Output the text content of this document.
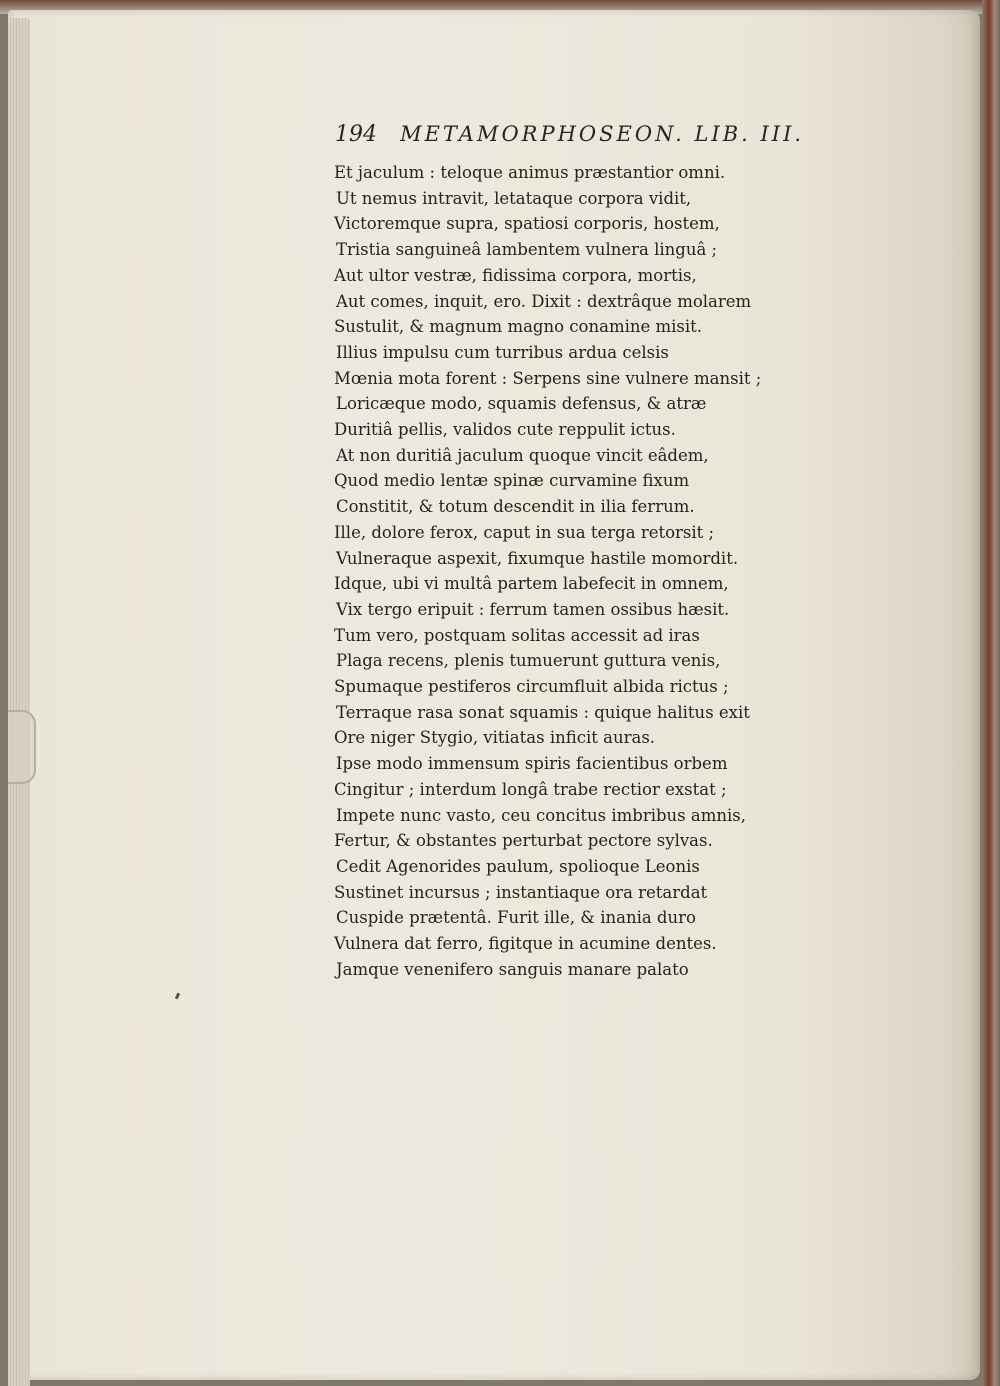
194 METAMORPHOSEON. LIB. III.
Et jaculum : teloque animus præstantior omni.
Ut nemus intravit, letataque corpora vidit,
Victoremque supra, spatiosi corporis, hostem,
Tristia sanguineâ lambentem vulnera linguâ ;
Aut ultor vestræ, fidissima corpora, mortis,
Aut comes, inquit, ero. Dixit : dextrâque molarem
Sustulit, & magnum magno conamine misit.
Illius impulsu cum turribus ardua celsis
Mœnia mota forent : Serpens sine vulnere mansit ;
Loricæque modo, squamis defensus, & atræ
Duritiâ pellis, validos cute reppulit ictus.
At non duritiâ jaculum quoque vincit eâdem,
Quod medio lentæ spinæ curvamine fixum
Constitit, & totum descendit in ilia ferrum.
Ille, dolore ferox, caput in sua terga retorsit ;
Vulneraque aspexit, fixumque hastile momordit.
Idque, ubi vi multâ partem labefecit in omnem,
Vix tergo eripuit : ferrum tamen ossibus hæsit.
Tum vero, postquam solitas accessit ad iras
Plaga recens, plenis tumuerunt guttura venis,
Spumaque pestiferos circumfluit albida rictus ;
Terraque rasa sonat squamis : quique halitus exit
Ore niger Stygio, vitiatas inficit auras.
Ipse modo immensum spiris facientibus orbem
Cingitur ; interdum longâ trabe rectior exstat ;
Impete nunc vasto, ceu concitus imbribus amnis,
Fertur, & obstantes perturbat pectore sylvas.
Cedit Agenorides paulum, spolioque Leonis
Sustinet incursus ; instantiaque ora retardat
Cuspide prætentâ. Furit ille, & inania duro
Vulnera dat ferro, figitque in acumine dentes.
Jamque venenifero sanguis manare palato
